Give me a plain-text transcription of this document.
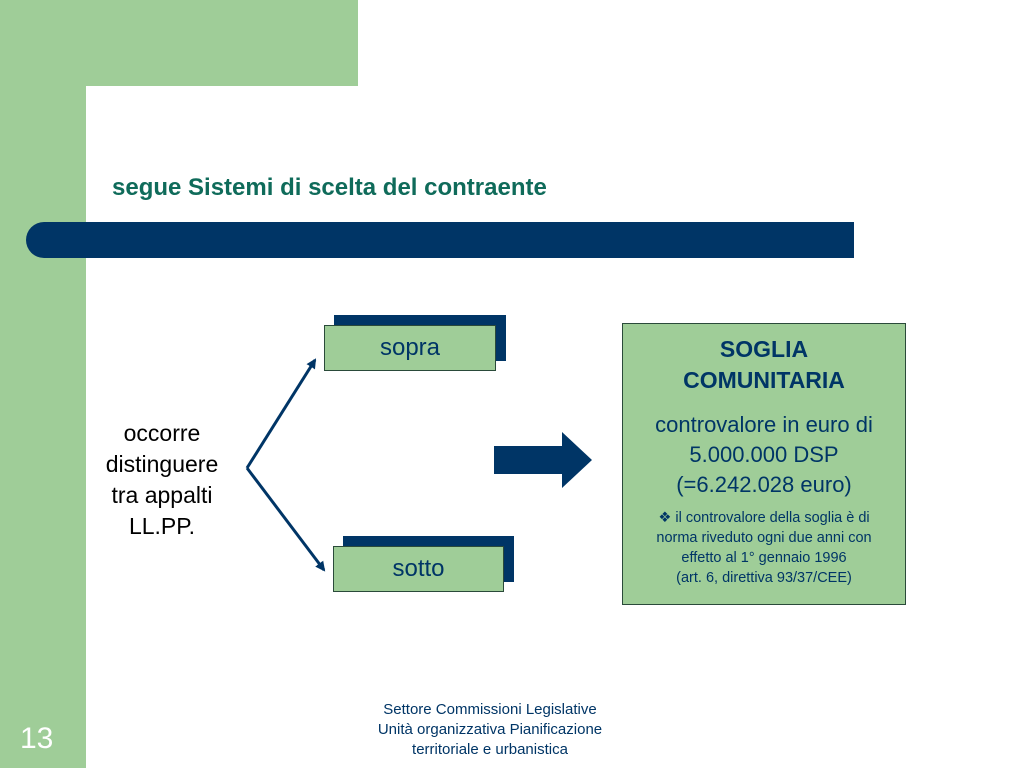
segue Sistemi di scelta del contraente
occorre
distinguere
tra appalti
LL.PP.
sopra
sotto
SOGLIA
COMUNITARIA
controvalore in euro di
5.000.000 DSP
(=6.242.028 euro)
❖ il controvalore della soglia è di
norma riveduto ogni due anni con
effetto al 1° gennaio 1996
(art. 6, direttiva 93/37/CEE)
13
Settore Commissioni Legislative
Unità organizzativa Pianificazione
territoriale e urbanistica
